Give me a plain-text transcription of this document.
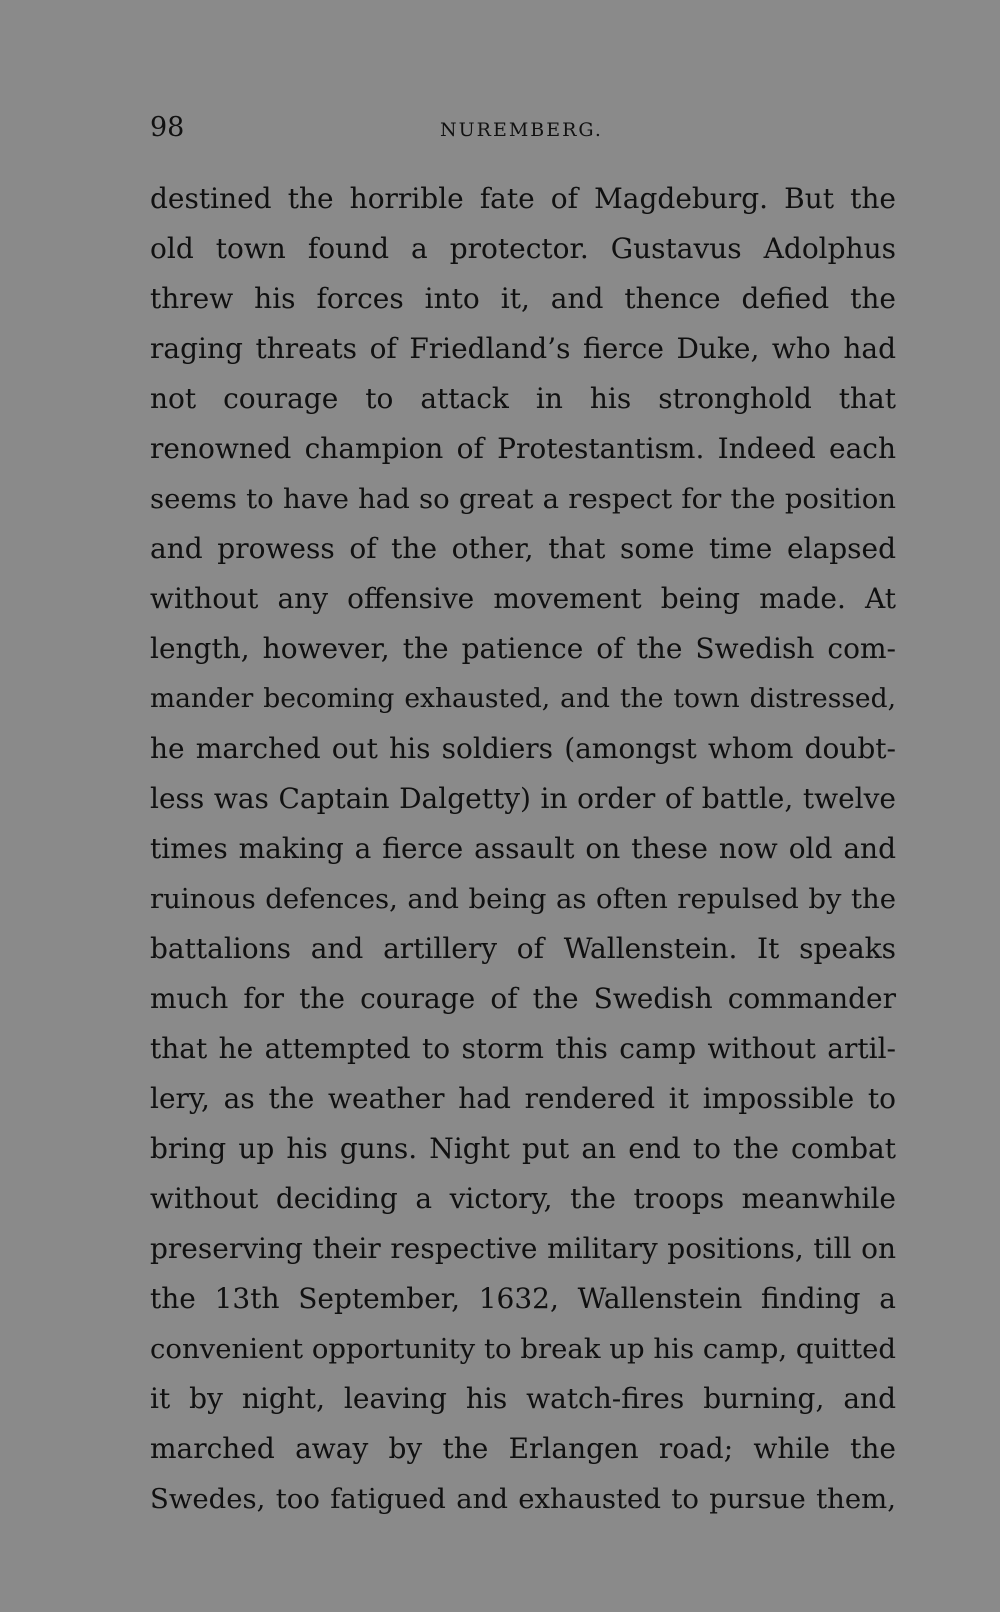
98	NUREMBERG.
destined the horrible fate of Magdeburg. But the
old town found a protector. Gustavus Adolphus
threw his forces into it, and thence defied the
raging threats of Friedland’s fierce Duke, who had
not courage to attack in his stronghold that
renowned champion of Protestantism. Indeed each
seems to have had so great a respect for the position
and prowess of the other, that some time elapsed
without any offensive movement being made. At
length, however, the patience of the Swedish com-
mander becoming exhausted, and the town distressed,
he marched out his soldiers (amongst whom doubt-
less was Captain Dalgetty) in order of battle, twelve
times making a fierce assault on these now old and
ruinous defences, and being as often repulsed by the
battalions and artillery of Wallenstein. It speaks
much for the courage of the Swedish commander
that he attempted to storm this camp without artil-
lery, as the weather had rendered it impossible to
bring up his guns. Night put an end to the combat
without deciding a victory, the troops meanwhile
preserving their respective military positions, till on
the 13th September, 1632, Wallenstein finding a
convenient opportunity to break up his camp, quitted
it by night, leaving his watch-fires burning, and
marched away by the Erlangen road; while the
Swedes, too fatigued and exhausted to pursue them,
